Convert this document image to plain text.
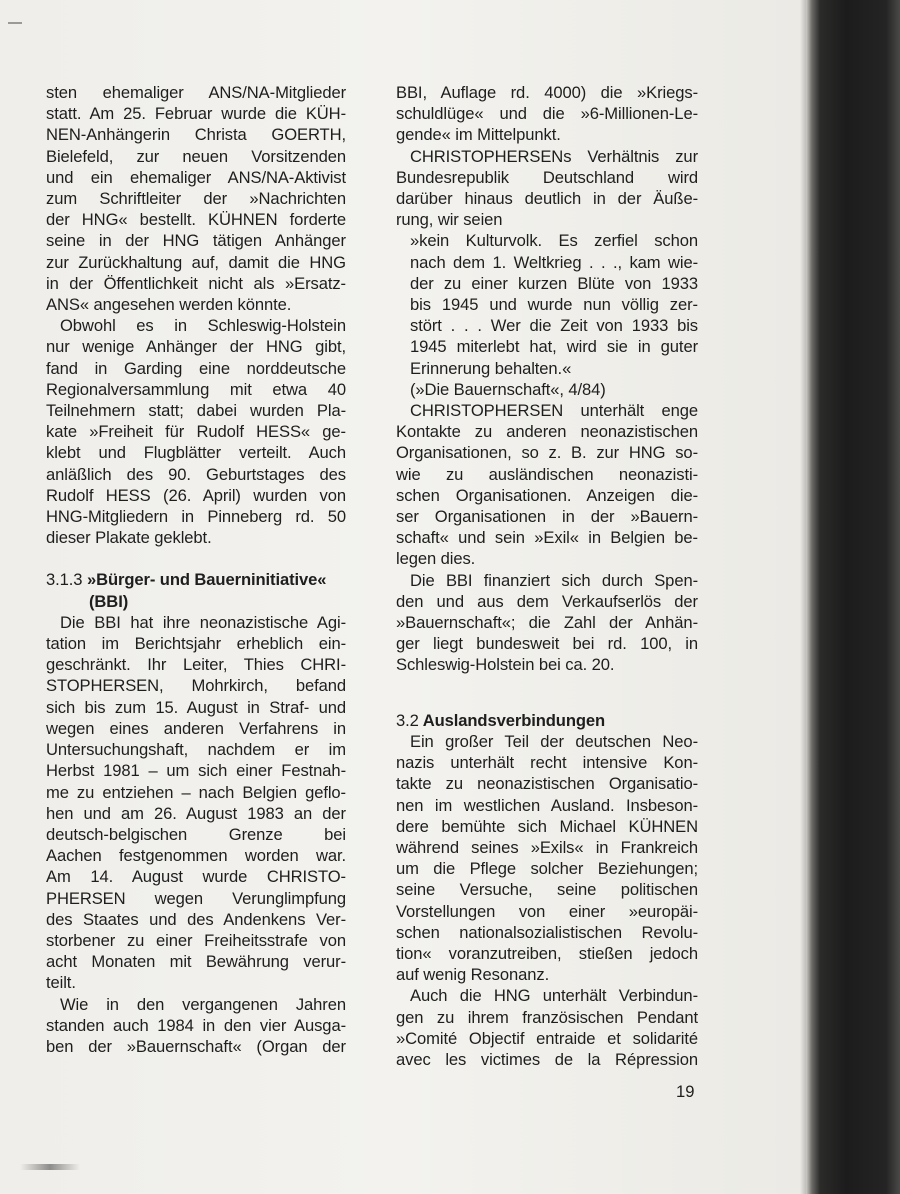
sten ehemaliger ANS/NA-Mitglieder
statt. Am 25. Februar wurde die KÜH-
NEN-Anhängerin Christa GOERTH,
Bielefeld, zur neuen Vorsitzenden
und ein ehemaliger ANS/NA-Aktivist
zum Schriftleiter der »Nachrichten
der HNG« bestellt. KÜHNEN forderte
seine in der HNG tätigen Anhänger
zur Zurückhaltung auf, damit die HNG
in der Öffentlichkeit nicht als »Ersatz-
ANS« angesehen werden könnte.
Obwohl es in Schleswig-Holstein
nur wenige Anhänger der HNG gibt,
fand in Garding eine norddeutsche
Regionalversammlung mit etwa 40
Teilnehmern statt; dabei wurden Pla-
kate »Freiheit für Rudolf HESS« ge-
klebt und Flugblätter verteilt. Auch
anläßlich des 90. Geburtstages des
Rudolf HESS (26. April) wurden von
HNG-Mitgliedern in Pinneberg rd. 50
dieser Plakate geklebt.
3.1.3 »Bürger- und Bauerninitiative«
(BBI)
Die BBI hat ihre neonazistische Agi-
tation im Berichtsjahr erheblich ein-
geschränkt. Ihr Leiter, Thies CHRI-
STOPHERSEN, Mohrkirch, befand
sich bis zum 15. August in Straf- und
wegen eines anderen Verfahrens in
Untersuchungshaft, nachdem er im
Herbst 1981 – um sich einer Festnah-
me zu entziehen – nach Belgien geflo-
hen und am 26. August 1983 an der
deutsch-belgischen Grenze bei
Aachen festgenommen worden war.
Am 14. August wurde CHRISTO-
PHERSEN wegen Verunglimpfung
des Staates und des Andenkens Ver-
storbener zu einer Freiheitsstrafe von
acht Monaten mit Bewährung verur-
teilt.
Wie in den vergangenen Jahren
standen auch 1984 in den vier Ausga-
ben der »Bauernschaft« (Organ der
BBI, Auflage rd. 4000) die »Kriegs-
schuldlüge« und die »6-Millionen-Le-
gende« im Mittelpunkt.
CHRISTOPHERSENs Verhältnis zur
Bundesrepublik Deutschland wird
darüber hinaus deutlich in der Äuße-
rung, wir seien
»kein Kulturvolk. Es zerfiel schon
nach dem 1. Weltkrieg . . ., kam wie-
der zu einer kurzen Blüte von 1933
bis 1945 und wurde nun völlig zer-
stört . . . Wer die Zeit von 1933 bis
1945 miterlebt hat, wird sie in guter
Erinnerung behalten.«
(»Die Bauernschaft«, 4/84)
CHRISTOPHERSEN unterhält enge
Kontakte zu anderen neonazistischen
Organisationen, so z. B. zur HNG so-
wie zu ausländischen neonazisti-
schen Organisationen. Anzeigen die-
ser Organisationen in der »Bauern-
schaft« und sein »Exil« in Belgien be-
legen dies.
Die BBI finanziert sich durch Spen-
den und aus dem Verkaufserlös der
»Bauernschaft«; die Zahl der Anhän-
ger liegt bundesweit bei rd. 100, in
Schleswig-Holstein bei ca. 20.
3.2 Auslandsverbindungen
Ein großer Teil der deutschen Neo-
nazis unterhält recht intensive Kon-
takte zu neonazistischen Organisatio-
nen im westlichen Ausland. Insbeson-
dere bemühte sich Michael KÜHNEN
während seines »Exils« in Frankreich
um die Pflege solcher Beziehungen;
seine Versuche, seine politischen
Vorstellungen von einer »europäi-
schen nationalsozialistischen Revolu-
tion« voranzutreiben, stießen jedoch
auf wenig Resonanz.
Auch die HNG unterhält Verbindun-
gen zu ihrem französischen Pendant
»Comité Objectif entraide et solidarité
avec les victimes de la Répression
19
